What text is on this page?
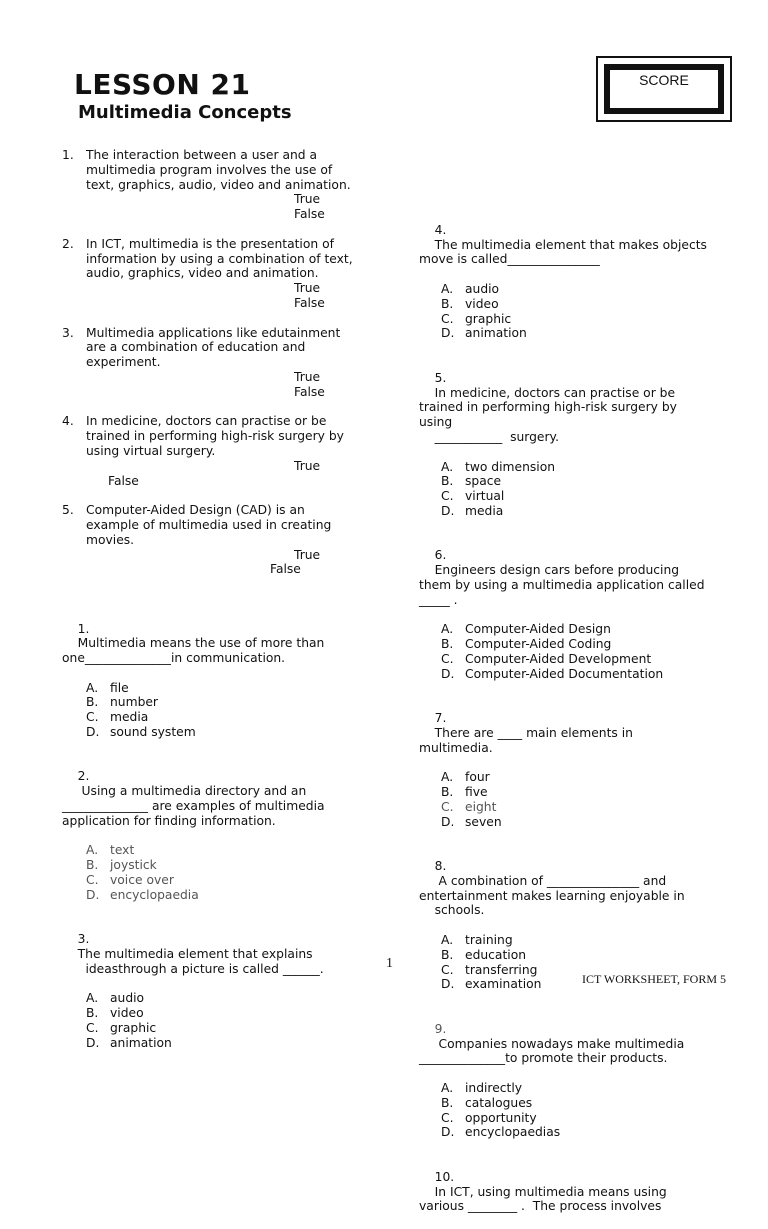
LESSON 21
Multimedia Concepts
SCORE
1. The interaction between a user and a
multimedia program involves the use of
text, graphics, audio, video and animation.

True

False

2. In ICT, multimedia is the presentation of
information by using a combination of text,
audio, graphics, video and animation.

True

False

3. Multimedia applications like edutainment
are a combination of education and
experiment.

True

False

4. In medicine, doctors can practise or be
trained in performing high-risk surgery by
using virtual surgery.

True

False

5. Computer-Aided Design (CAD) is an
example of multimedia used in creating
movies.

True

False

1.
Multimedia means the use of more than
one______________in communication.

A. file
B. number
C. media
D. sound system

2.
Using a multimedia directory and an
______________ are examples of multimedia
application for finding information.

A. text
B. joystick
C. voice over
D. encyclopaedia

3.
The multimedia element that explains
ideasthrough a picture is called ______.

A. audio
B. video
C. graphic
D. animation

4.
The multimedia element that makes objects
move is called_______________

A. audio
B. video
C. graphic
D. animation

5.
In medicine, doctors can practise or be
trained in performing high-risk surgery by
using
___________  surgery.

A. two dimension
B. space
C. virtual
D. media

6.
Engineers design cars before producing
them by using a multimedia application called
_____ .

A. Computer-Aided Design
B. Computer-Aided Coding
C. Computer-Aided Development
D. Computer-Aided Documentation

7.
There are ____ main elements in
multimedia.

A. four
B. five
C. eight
D. seven

8.
A combination of _______________ and
entertainment makes learning enjoyable in
schools.

A. training
B. education
C. transferring
D. examination

9.
Companies nowadays make multimedia
______________to promote their products.

A. indirectly
B. catalogues
C. opportunity
D. encyclopaedias

10.
In ICT, using multimedia means using
various ________ .  The process involves

1
ICT WORKSHEET, FORM 5
